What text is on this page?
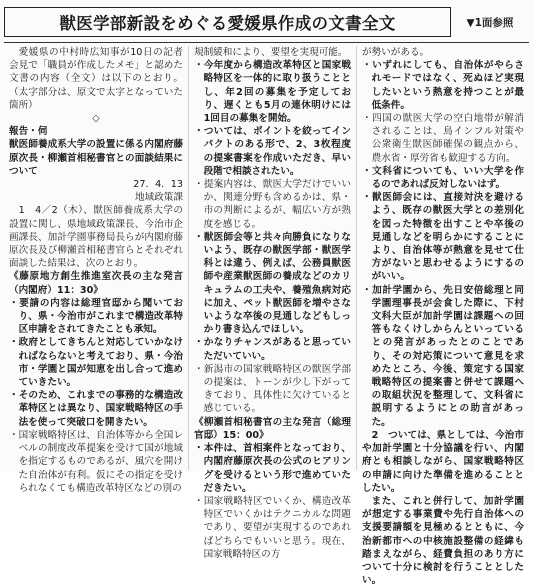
獣医学部新設をめぐる愛媛県作成の文書全文	▼1面参照

愛媛県の中村時広知事が10日の記者会見で「職員が作成したメモ」と認めた文書の内容（全文）は以下のとおり。（太字部分は、原文で太字となっていた箇所）

◇

報告・伺

獣医師養成系大学の設置に係る内閣府藤原次長・柳瀬首相秘書官との面談結果について

27．4．13

地域政策課

1　4／2（木）、獣医師養成系大学の設置に関し、県地域政策課長、今治市企画課長、加計学園事務局長らが内閣府藤原次長及び柳瀬首相秘書官らとそれぞれ面談した結果は、次のとおり。

《藤原地方創生推進室次長の主な発言（内閣府）11：30》

・要請の内容は総理官邸から聞いており、県・今治市がこれまで構造改革特区申請をされてきたことも承知。

・政府としてきちんと対応していかなければならないと考えており、県・今治市・学園と国が知恵を出し合って進めていきたい。

・そのため、これまでの事務的な構造改革特区とは異なり、国家戦略特区の手法を使って突破口を開きたい。

・国家戦略特区は、自治体等から全国レベルの制度改革提案を受けて国が地域を指定するものであるが、風穴を開けた自治体が有利。仮にその指定を受けられなくても構造改革特区などの別の

規制緩和により、要望を実現可能。

・今年度から構造改革特区と国家戦略特区を一体的に取り扱うこととし、年2回の募集を予定しており、遅くとも5月の連休明けには1回目の募集を開始。

・ついては、ポイントを絞ってインパクトのある形で、2、3枚程度の提案書案を作成いただき、早い段階で相談されたい。

・提案内容は、獣医大学だけでいいか、関連分野も含めるかは、県・市の判断によるが、幅広い方が熟度を感じる。

・獣医師会等と共々向勝負になりないよう、既存の獣医学部・獣医学科とは違う、例えば、公務員獣医師や産業獣医師の養成などのカリキュラムの工夫や、養殖魚病対応に加え、ペット獣医師を増やさないような卒後の見通しなどもしっかり書き込んでほしい。

・かなりチャンスがあると思っていただいていい。

・新潟市の国家戦略特区の獣医学部の提案は、トーンが少し下がってきており、具体性に欠けていると感じている。

《柳瀬首相秘書官の主な発言（総理官邸）15：00》

・本件は、首相案件となっており、内閣府藤原次長の公式のヒアリングを受けるという形で進めていただきたい。

・国家戦略特区でいくか、構造改革特区でいくかはテクニカルな問題であり、要望が実現するのであればどちらでもいいと思う。現在、国家戦略特区の方

が勢いがある。

・いずれにしても、自治体がやらされモードではなく、死ぬほど実現したいという熱意を持つことが最低条件。

・四国の獣医大学の空白地帯が解消されることは、鳥インフル対策や公衆衛生獣医師確保の観点から、農水省・厚労省も歓迎する方向。

・文科省についても、いい大学を作るのであれば反対しないはず。

・獣医師会には、直接対決を避けるよう、既存の獣医大学との差別化を図った特徴を出すことや卒後の見通しなどを明らかにすることにより、自治体等が熱意を見せて仕方がないと思わせるようにするのがいい。

・加計学園から、先日安倍総理と同学園理事長が会食した際に、下村文科大臣が加計学園は課題への回答もなくけしからんといっているとの発言があったとのことであり、その対応策について意見を求めたところ、今後、策定する国家戦略特区の提案書と併せて課題への取組状況を整理して、文科省に説明するようにとの助言があった。

2　ついては、県としては、今治市や加計学園と十分協議を行い、内閣府とも相談しながら、国家戦略特区の申請に向けた準備を進めることとしたい。

また、これと併行して、加計学園が想定する事業費や先行自治体への支援要請額を見極めるとともに、今治新都市への中核施設整備の経緯も踏まえながら、経費負担のあり方について十分に検討を行うこととしたい。
